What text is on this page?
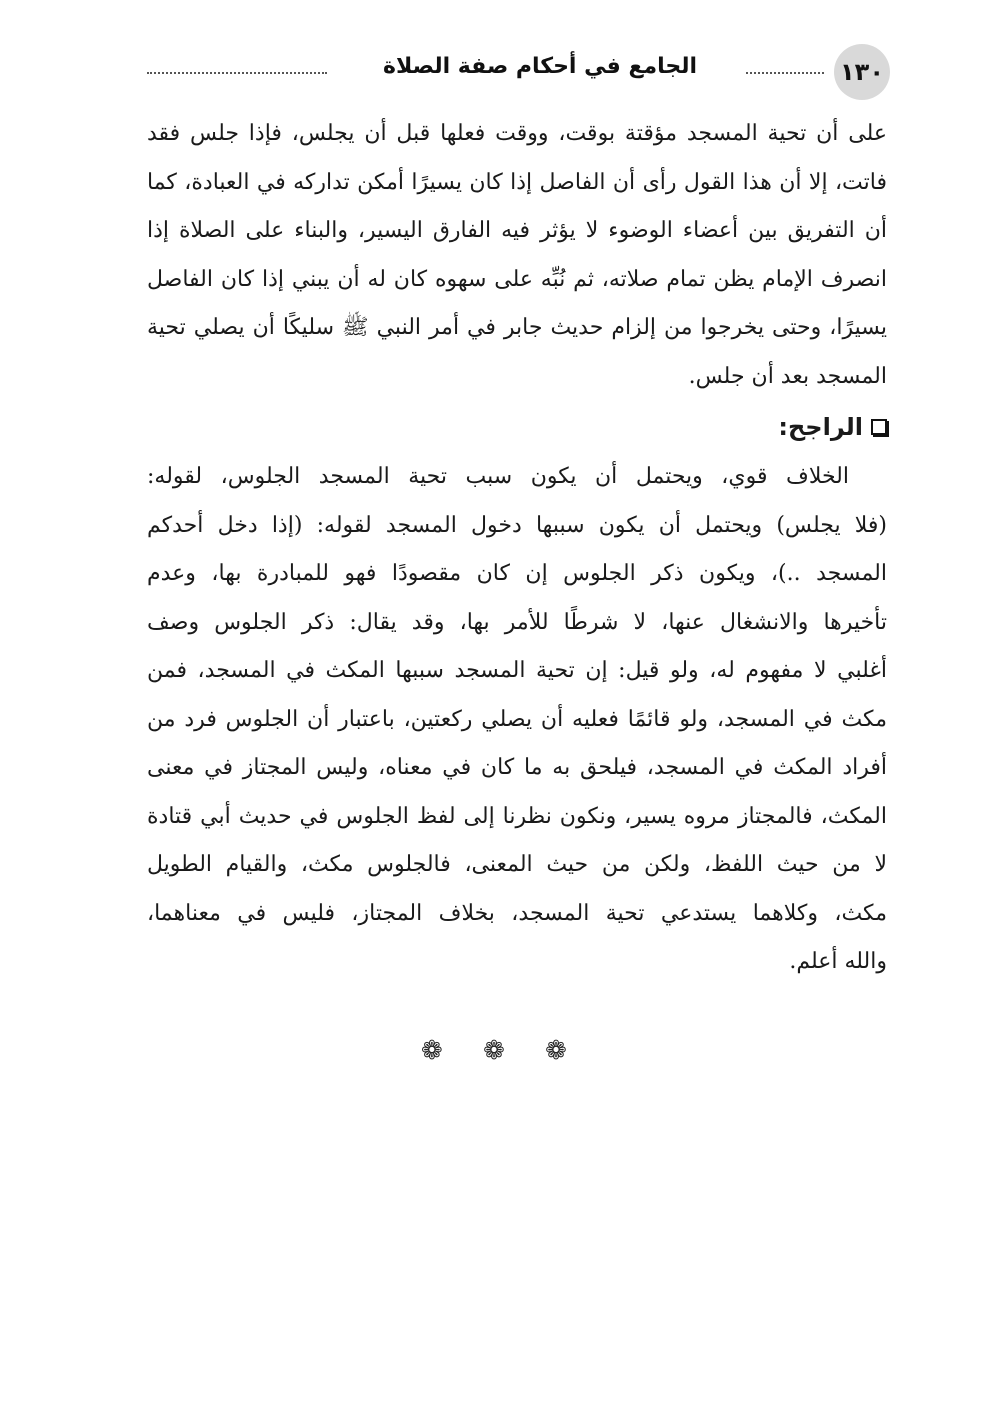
١٣٠
الجامع في أحكام صفة الصلاة
على أن تحية المسجد مؤقتة بوقت، ووقت فعلها قبل أن يجلس، فإذا جلس فقد
فاتت، إلا أن هذا القول رأى أن الفاصل إذا كان يسيرًا أمكن تداركه في العبادة، كما
أن التفريق بين أعضاء الوضوء لا يؤثر فيه الفارق اليسير، والبناء على الصلاة إذا
انصرف الإمام يظن تمام صلاته، ثم نُبِّه على سهوه كان له أن يبني إذا كان الفاصل
يسيرًا، وحتى يخرجوا من إلزام حديث جابر في أمر النبي ﷺ سليكًا أن يصلي تحية
المسجد بعد أن جلس.
الراجح:
الخلاف قوي، ويحتمل أن يكون سبب تحية المسجد الجلوس، لقوله:
(فلا يجلس) ويحتمل أن يكون سببها دخول المسجد لقوله: (إذا دخل أحدكم
المسجد ..)، ويكون ذكر الجلوس إن كان مقصودًا فهو للمبادرة بها، وعدم
تأخيرها والانشغال عنها، لا شرطًا للأمر بها، وقد يقال: ذكر الجلوس وصف
أغلبي لا مفهوم له، ولو قيل: إن تحية المسجد سببها المكث في المسجد، فمن
مكث في المسجد، ولو قائمًا فعليه أن يصلي ركعتين، باعتبار أن الجلوس فرد من
أفراد المكث في المسجد، فيلحق به ما كان في معناه، وليس المجتاز في معنى
المكث، فالمجتاز مروه يسير، ونكون نظرنا إلى لفظ الجلوس في حديث أبي قتادة
لا من حيث اللفظ، ولكن من حيث المعنى، فالجلوس مكث، والقيام الطويل
مكث، وكلاهما يستدعي تحية المسجد، بخلاف المجتاز، فليس في معناهما،
والله أعلم.
❁ ❁ ❁
